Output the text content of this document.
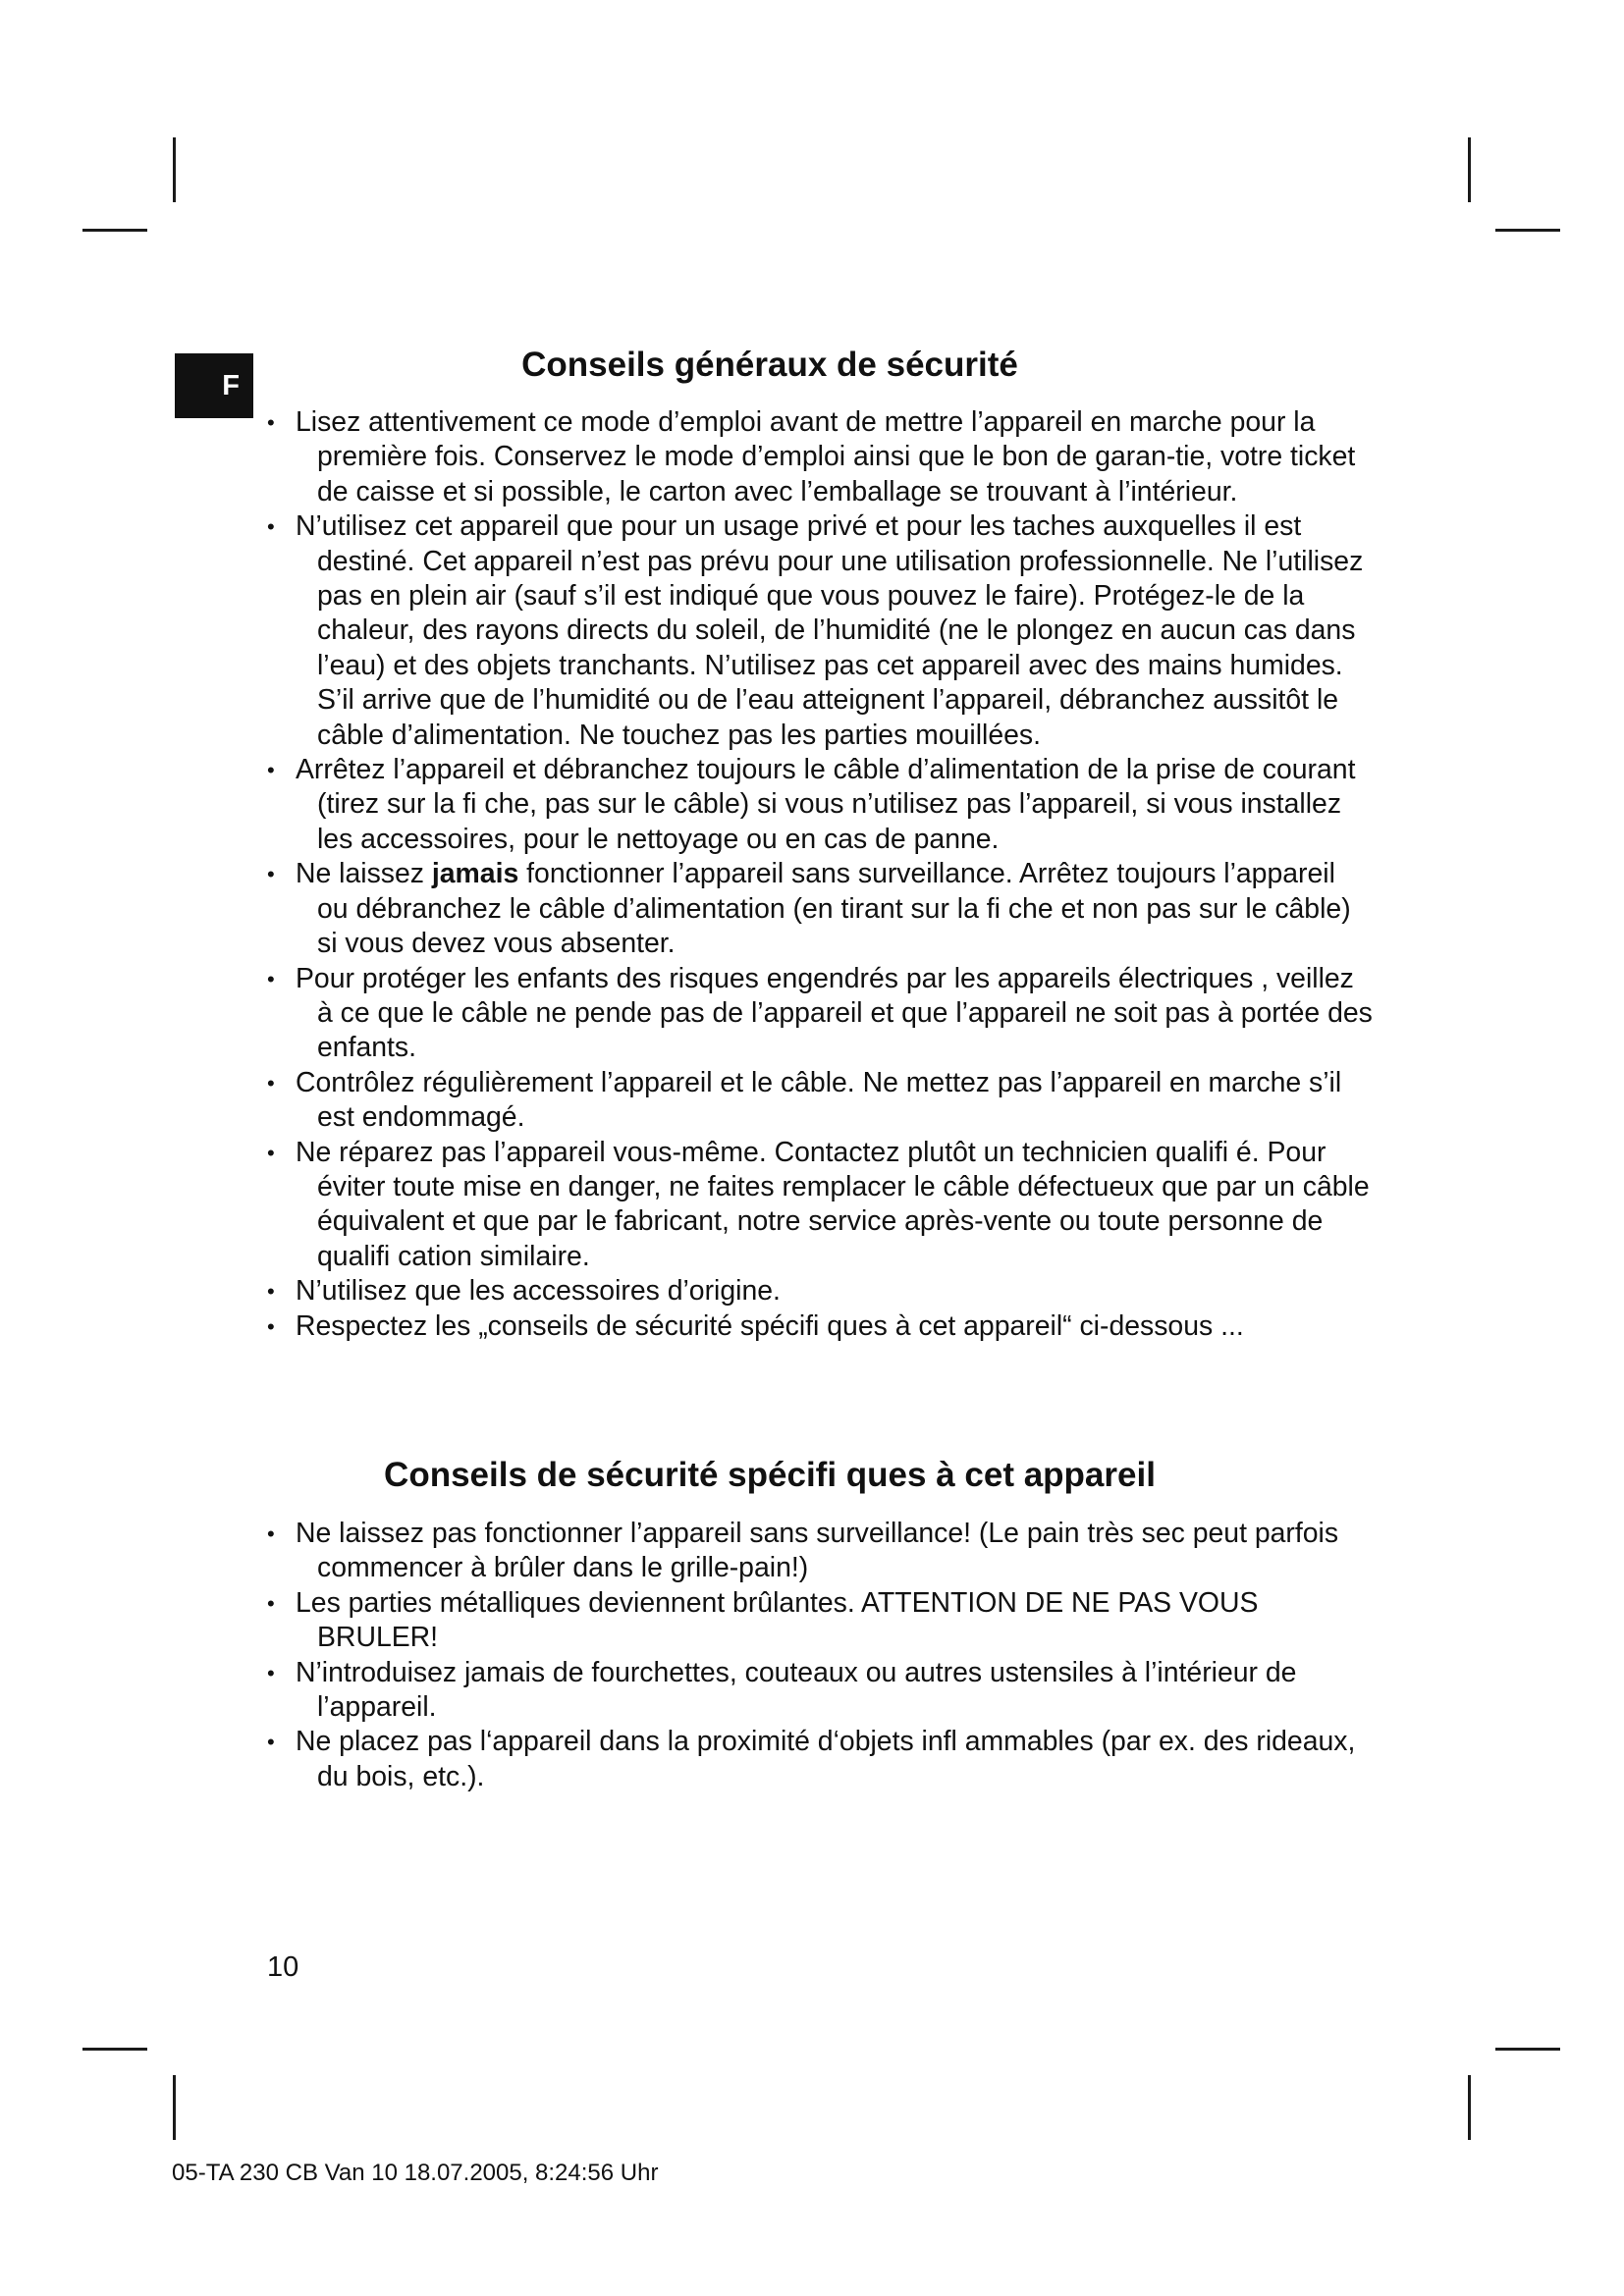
F
Conseils généraux de sécurité
• Lisez attentivement ce mode d’emploi avant de mettre l’appareil en marche pour la première fois. Conservez le mode d’emploi ainsi que le bon de garan-tie, votre ticket de caisse et si possible, le carton avec l’emballage se trouvant à l’intérieur.
• N’utilisez cet appareil que pour un usage privé et pour les taches auxquelles il est destiné. Cet appareil n’est pas prévu pour une utilisation professionnelle. Ne l’utilisez pas en plein air (sauf s’il est indiqué que vous pouvez le faire). Protégez-le de la chaleur, des rayons directs du soleil, de l’humidité (ne le plongez en aucun cas dans l’eau) et des objets tranchants. N’utilisez pas cet appareil avec des mains humides. S’il arrive que de l’humidité ou de l’eau atteignent l’appareil, débranchez aussitôt le câble d’alimentation. Ne touchez pas les parties mouillées.
• Arrêtez l’appareil et débranchez toujours le câble d’alimentation de la prise de courant (tirez sur la fi che, pas sur le câble) si vous n’utilisez pas l’appareil, si vous installez les accessoires, pour le nettoyage ou en cas de panne.
• Ne laissez jamais fonctionner l’appareil sans surveillance. Arrêtez toujours l’appareil ou débranchez le câble d’alimentation (en tirant sur la fi che et non pas sur le câble) si vous devez vous absenter.
• Pour protéger les enfants des risques engendrés par les appareils électriques , veillez à ce que le câble ne pende pas de l’appareil et que l’appareil ne soit pas à portée des enfants.
• Contrôlez régulièrement l’appareil et le câble. Ne mettez pas l’appareil en marche s’il est endommagé.
• Ne réparez pas l’appareil vous-même. Contactez plutôt un technicien qualifi é. Pour éviter toute mise en danger, ne faites remplacer le câble défectueux que par un câble équivalent et que par le fabricant, notre service après-vente ou toute personne de qualifi cation similaire.
• N’utilisez que les accessoires d’origine.
• Respectez les „conseils de sécurité spécifi ques à cet appareil“ ci-dessous ...
Conseils de sécurité spécifi ques à cet appareil
• Ne laissez pas fonctionner l’appareil sans surveillance! (Le pain très sec peut parfois commencer à brûler dans le grille-pain!)
• Les parties métalliques deviennent brûlantes. ATTENTION DE NE PAS VOUS BRULER!
• N’introduisez jamais de fourchettes, couteaux ou autres ustensiles à l’intérieur de l’appareil.
• Ne placez pas l‘appareil dans la proximité d‘objets infl ammables (par ex. des rideaux, du bois, etc.).
10
05-TA 230 CB Van 10 18.07.2005, 8:24:56 Uhr
